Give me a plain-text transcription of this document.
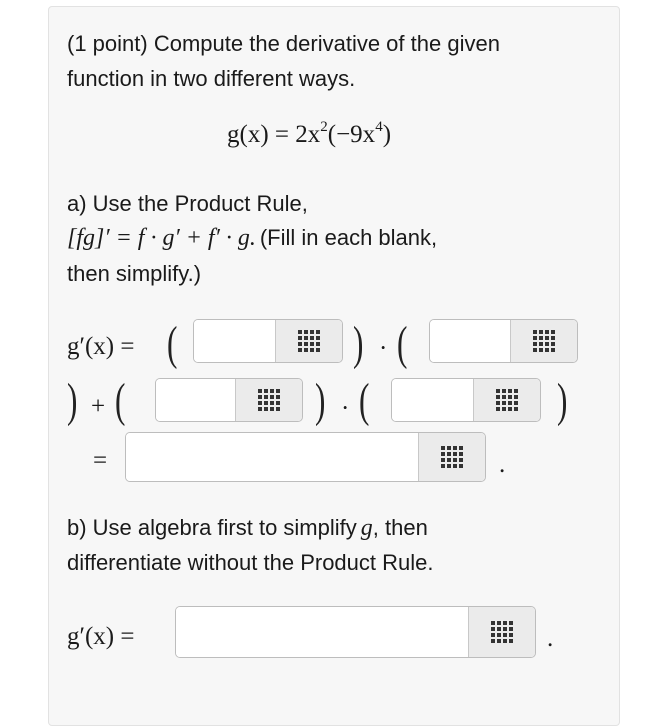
(1 point) Compute the derivative of the given
function in two different ways.
$g(x) = 2x^2(-9x^4)$
a) Use the Product Rule,
[fg]′ = f · g′ + f′ · g. (Fill in each blank,
then simplify.)
g′(x) = (	) · (
) + (	) · (	)
=	.
b) Use algebra first to simplify g, then
differentiate without the Product Rule.
g′(x) =	.
